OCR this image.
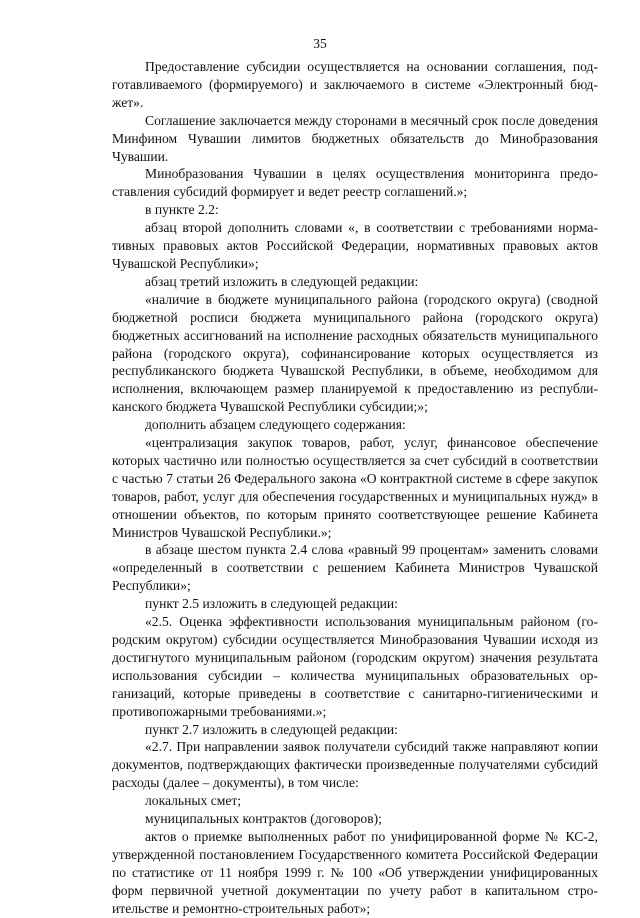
35

Предоставление субсидии осуществляется на основании соглашения, подготавливаемого (формируемого) и заключаемого в системе «Электронный бюджет».

Соглашение заключается между сторонами в месячный срок после доведения Минфином Чувашии лимитов бюджетных обязательств до Минобразования Чувашии.

Минобразования Чувашии в целях осуществления мониторинга предоставления субсидий формирует и ведет реестр соглашений.»;

в пункте 2.2:

абзац второй дополнить словами «, в соответствии с требованиями нормативных правовых актов Российской Федерации, нормативных правовых актов Чувашской Республики»;

абзац третий изложить в следующей редакции:

«наличие в бюджете муниципального района (городского округа) (сводной бюджетной росписи бюджета муниципального района (городского округа) бюджетных ассигнований на исполнение расходных обязательств муниципального района (городского округа), софинансирование которых осуществляется из республиканского бюджета Чувашской Республики, в объеме, необходимом для исполнения, включающем размер планируемой к предоставлению из республиканского бюджета Чувашской Республики субсидии;»;

дополнить абзацем следующего содержания:

«централизация закупок товаров, работ, услуг, финансовое обеспечение которых частично или полностью осуществляется за счет субсидий в соответствии с частью 7 статьи 26 Федерального закона «О контрактной системе в сфере закупок товаров, работ, услуг для обеспечения государственных и муниципальных нужд» в отношении объектов, по которым принято соответствующее решение Кабинета Министров Чувашской Республики.»;

в абзаце шестом пункта 2.4 слова «равный 99 процентам» заменить словами «определенный в соответствии с решением Кабинета Министров Чувашской Республики»;

пункт 2.5 изложить в следующей редакции:

«2.5. Оценка эффективности использования муниципальным районом (городским округом) субсидии осуществляется Минобразования Чувашии исходя из достигнутого муниципальным районом (городским округом) значения результата использования субсидии – количества муниципальных образовательных организаций, которые приведены в соответствие с санитарно-гигиеническими и противопожарными требованиями.»;

пункт 2.7 изложить в следующей редакции:

«2.7. При направлении заявок получатели субсидий также направляют копии документов, подтверждающих фактически произведенные получателями субсидий расходы (далее – документы), в том числе:

локальных смет;

муниципальных контрактов (договоров);

актов о приемке выполненных работ по унифицированной форме № КС-2, утвержденной постановлением Государственного комитета Российской Федерации по статистике от 11 ноября 1999 г. № 100 «Об утверждении унифицированных форм первичной учетной документации по учету работ в капитальном строительстве и ремонтно-строительных работ»;
